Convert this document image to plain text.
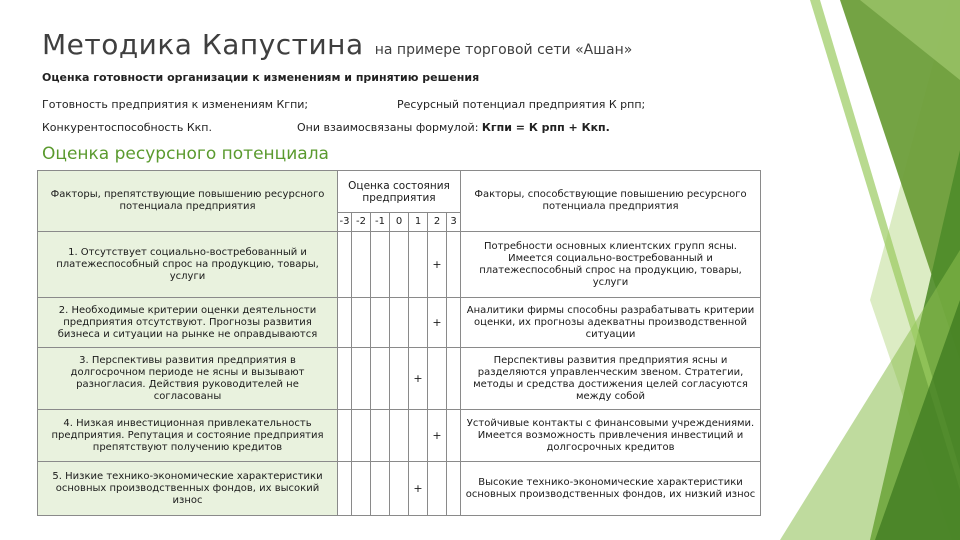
Методика Капустина на примере торговой сети «Ашан»
Оценка готовности организации к изменениям и принятию решения
Готовность предприятия к изменениям Кгпи;	Ресурсный потенциал предприятия К рпп;
Конкурентоспособность Ккп.	Они взаимосвязаны формулой: Кгпи = К рпп + Ккп.
Оценка ресурсного потенциала
Факторы, препятствующие повышению ресурсного потенциала предприятия	Оценка состояния предприятия							Факторы, способствующие повышению ресурсного потенциала предприятия
	-3	-2	-1	0	1	2	3	
1. Отсутствует социально-востребованный и платежеспособный спрос на продукцию, товары, услуги						+		Потребности основных клиентских групп ясны. Имеется социально-востребованный и платежеспособный спрос на продукцию, товары, услуги
2. Необходимые критерии оценки деятельности предприятия отсутствуют. Прогнозы развития бизнеса и ситуации на рынке не оправдываются						+		Аналитики фирмы способны разрабатывать критерии оценки, их прогнозы адекватны производственной ситуации
3. Перспективы развития предприятия в долгосрочном периоде не ясны и вызывают разногласия. Действия руководителей не согласованы					+			Перспективы развития предприятия ясны и разделяются управленческим звеном. Стратегии, методы и средства достижения целей согласуются между собой
4. Низкая инвестиционная привлекательность предприятия. Репутация и состояние предприятия препятствуют получению кредитов						+		Устойчивые контакты с финансовыми учреждениями. Имеется возможность привлечения инвестиций и долгосрочных кредитов
5. Низкие технико-экономические характеристики основных производственных фондов, их высокий износ					+			Высокие технико-экономические характеристики основных производственных фондов, их низкий износ
